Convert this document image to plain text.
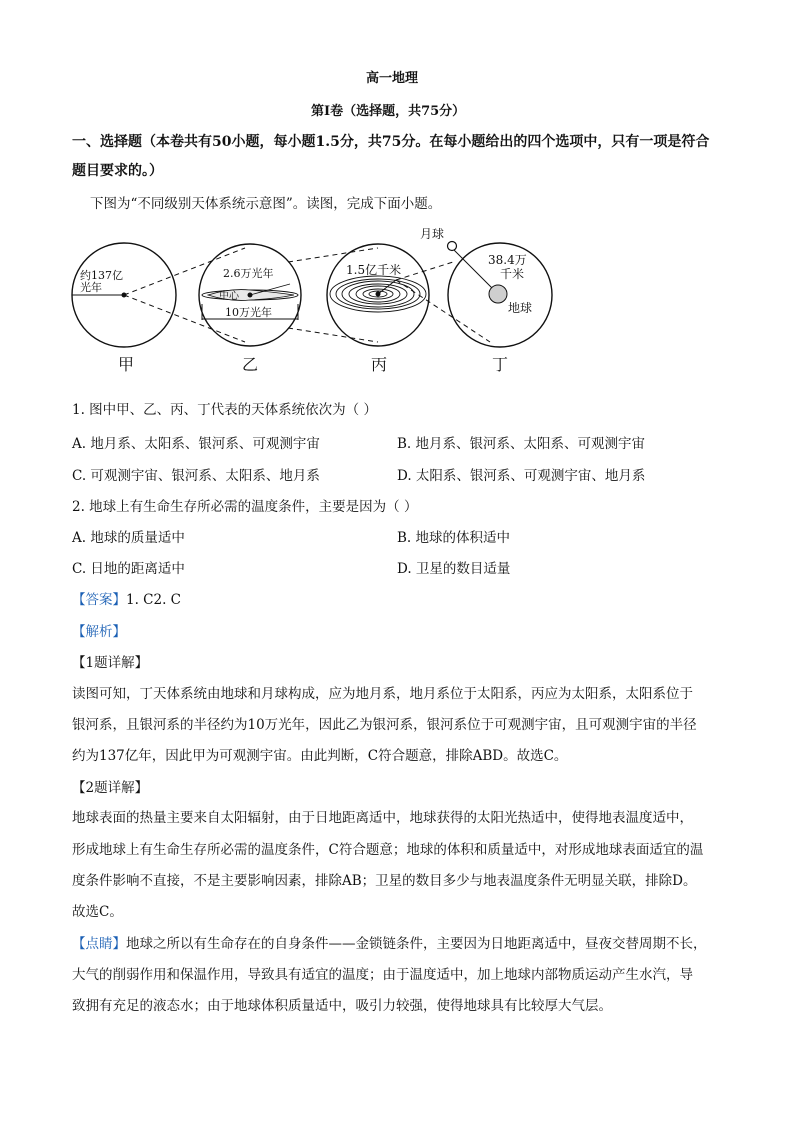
高一地理
第Ⅰ卷（选择题，共75分）
一、选择题（本卷共有50小题，每小题1.5分，共75分。在每小题给出的四个选项中，只有一项是符合
题目要求的。）
下图为“不同级别天体系统示意图”。读图，完成下面小题。
约137亿
光年
甲
2.6万光年
中心
10万光年
乙
1.5亿千米
丙
月球
38.4万
千米
地球
丁
1. 图中甲、乙、丙、丁代表的天体系统依次为（ ）
A. 地月系、太阳系、银河系、可观测宇宙	B. 地月系、银河系、太阳系、可观测宇宙
C. 可观测宇宙、银河系、太阳系、地月系	D. 太阳系、银河系、可观测宇宙、地月系
2. 地球上有生命生存所必需的温度条件，主要是因为（ ）
A. 地球的质量适中	B. 地球的体积适中
C. 日地的距离适中	D. 卫星的数目适量
【答案】1. C2. C
【解析】
【1题详解】
读图可知，丁天体系统由地球和月球构成，应为地月系，地月系位于太阳系，丙应为太阳系，太阳系位于
银河系，且银河系的半径约为10万光年，因此乙为银河系，银河系位于可观测宇宙，且可观测宇宙的半径
约为137亿年，因此甲为可观测宇宙。由此判断，C符合题意，排除ABD。故选C。
【2题详解】
地球表面的热量主要来自太阳辐射，由于日地距离适中，地球获得的太阳光热适中，使得地表温度适中，
形成地球上有生命生存所必需的温度条件，C符合题意；地球的体积和质量适中，对形成地球表面适宜的温
度条件影响不直接，不是主要影响因素，排除AB；卫星的数目多少与地表温度条件无明显关联，排除D。
故选C。
【点睛】地球之所以有生命存在的自身条件——金锁链条件，主要因为日地距离适中，昼夜交替周期不长，
大气的削弱作用和保温作用，导致具有适宜的温度；由于温度适中，加上地球内部物质运动产生水汽，导
致拥有充足的液态水；由于地球体积质量适中，吸引力较强，使得地球具有比较厚大气层。
